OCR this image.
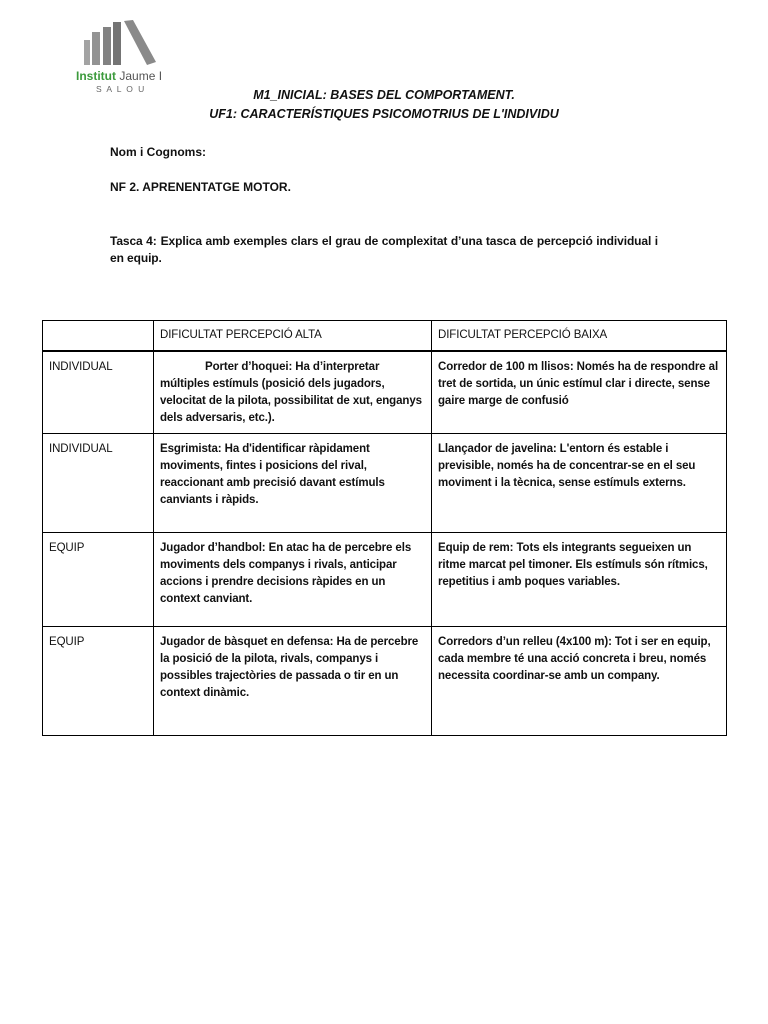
Institut Jaume I
S A L O U	M1_INICIAL: BASES DEL COMPORTAMENT.
UF1: CARACTERÍSTIQUES PSICOMOTRIUS DE L'INDIVIDU
Nom i Cognoms:
NF 2. APRENENTATGE MOTOR.
Tasca 4: Explica amb exemples clars el grau de complexitat d’una tasca de percepció individual i en equip.
	DIFICULTAT PERCEPCIÓ ALTA	DIFICULTAT PERCEPCIÓ BAIXA
INDIVIDUAL	Porter d’hoquei: Ha d’interpretar múltiples estímuls (posició dels jugadors, velocitat de la pilota, possibilitat de xut, enganys dels adversaris, etc.).	Corredor de 100 m llisos: Només ha de respondre al tret de sortida, un únic estímul clar i directe, sense gaire marge de confusió
INDIVIDUAL	Esgrimista: Ha d'identificar ràpidament moviments, fintes i posicions del rival, reaccionant amb precisió davant estímuls canviants i ràpids.	Llançador de javelina: L'entorn és estable i previsible, només ha de concentrar-se en el seu moviment i la tècnica, sense estímuls externs.
EQUIP	Jugador d’handbol: En atac ha de percebre els moviments dels companys i rivals, anticipar accions i prendre decisions ràpides en un context canviant.	Equip de rem: Tots els integrants segueixen un ritme marcat pel timoner. Els estímuls són rítmics, repetitius i amb poques variables.
EQUIP	Jugador de bàsquet en defensa: Ha de percebre la posició de la pilota, rivals, companys i possibles trajectòries de passada o tir en un context dinàmic.	Corredors d’un relleu (4x100 m): Tot i ser en equip, cada membre té una acció concreta i breu, només necessita coordinar-se amb un company.
